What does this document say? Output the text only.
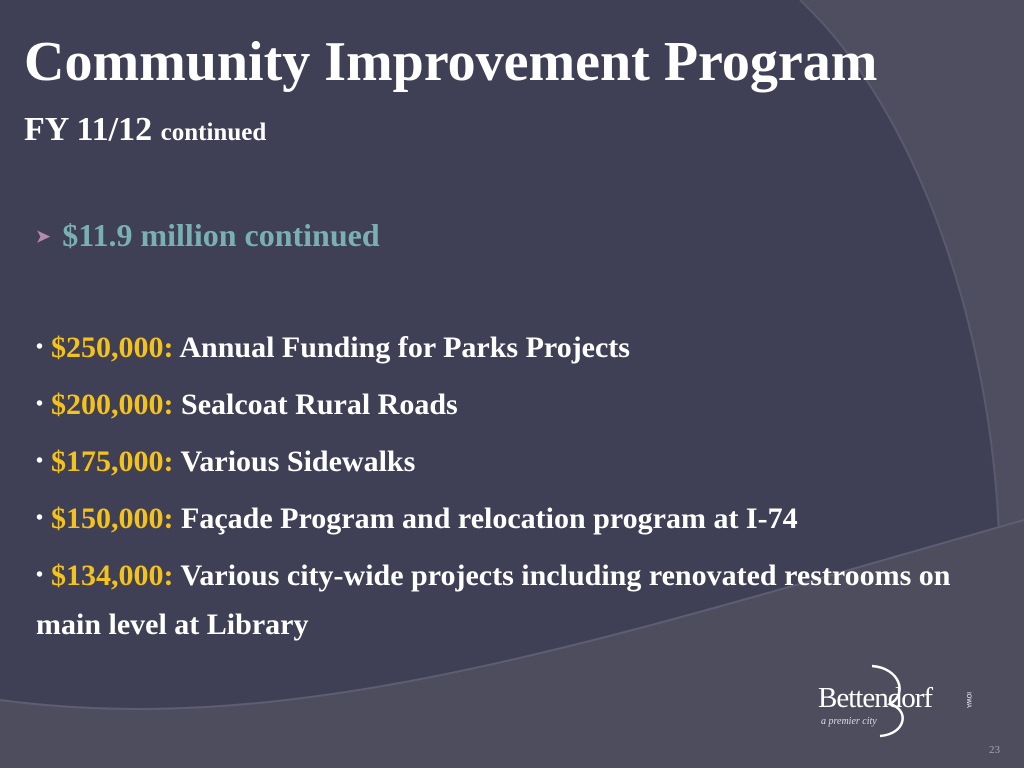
Community Improvement Program
FY 11/12 continued
➤ $11.9 million continued
• $250,000: Annual Funding for Parks Projects
• $200,000: Sealcoat Rural Roads
• $175,000: Various Sidewalks
• $150,000: Façade Program and relocation program at I-74
• $134,000: Various city-wide projects including renovated restrooms on main level at Library
Bettendorf
a premier city
IOWA
23
